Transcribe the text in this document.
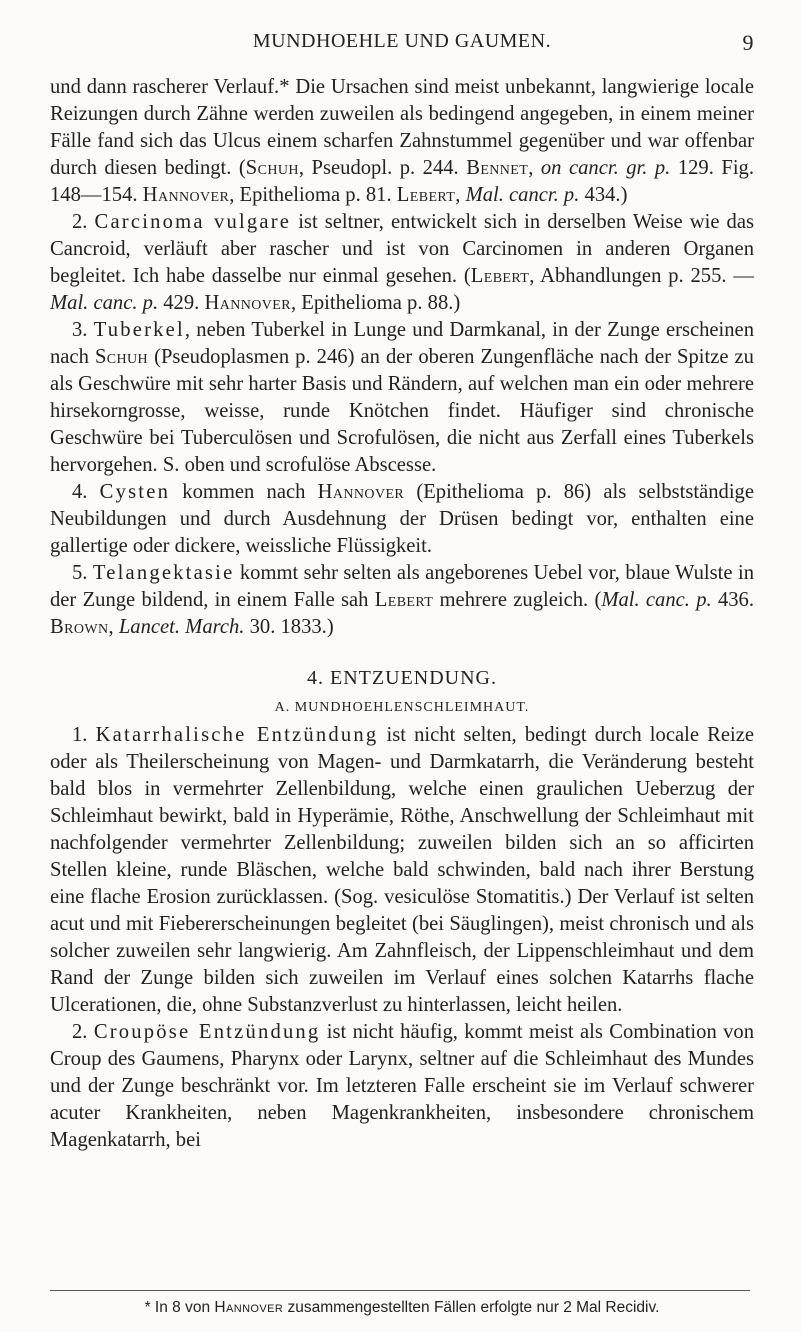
MUNDHOEHLE UND GAUMEN.	9

und dann rascherer Verlauf.* Die Ursachen sind meist unbekannt, langwierige locale Reizungen durch Zähne werden zuweilen als bedingend angegeben, in einem meiner Fälle fand sich das Ulcus einem scharfen Zahnstummel gegenüber und war offenbar durch diesen bedingt. (Schuh, Pseudopl. p. 244. Bennet, on cancr. gr. p. 129. Fig. 148—154. Hannover, Epithelioma p. 81. Lebert, Mal. cancr. p. 434.)

2. Carcinoma vulgare ist seltner, entwickelt sich in derselben Weise wie das Cancroid, verläuft aber rascher und ist von Carcinomen in anderen Organen begleitet. Ich habe dasselbe nur einmal gesehen. (Lebert, Abhandlungen p. 255. — Mal. canc. p. 429. Hannover, Epithelioma p. 88.)

3. Tuberkel, neben Tuberkel in Lunge und Darmkanal, in der Zunge erscheinen nach Schuh (Pseudoplasmen p. 246) an der oberen Zungenfläche nach der Spitze zu als Geschwüre mit sehr harter Basis und Rändern, auf welchen man ein oder mehrere hirsekorngrosse, weisse, runde Knötchen findet. Häufiger sind chronische Geschwüre bei Tuberculösen und Scrofulösen, die nicht aus Zerfall eines Tuberkels hervorgehen. S. oben und scrofulöse Abscesse.

4. Cysten kommen nach Hannover (Epithelioma p. 86) als selbstständige Neubildungen und durch Ausdehnung der Drüsen bedingt vor, enthalten eine gallertige oder dickere, weissliche Flüssigkeit.

5. Telangektasie kommt sehr selten als angeborenes Uebel vor, blaue Wulste in der Zunge bildend, in einem Falle sah Lebert mehrere zugleich. (Mal. canc. p. 436. Brown, Lancet. March. 30. 1833.)

4. ENTZUENDUNG.
A. MUNDHOEHLENSCHLEIMHAUT.

1. Katarrhalische Entzündung ist nicht selten, bedingt durch locale Reize oder als Theilerscheinung von Magen- und Darmkatarrh, die Veränderung besteht bald blos in vermehrter Zellenbildung, welche einen graulichen Ueberzug der Schleimhaut bewirkt, bald in Hyperämie, Röthe, Anschwellung der Schleimhaut mit nachfolgender vermehrter Zellenbildung; zuweilen bilden sich an so afficirten Stellen kleine, runde Bläschen, welche bald schwinden, bald nach ihrer Berstung eine flache Erosion zurücklassen. (Sog. vesiculöse Stomatitis.) Der Verlauf ist selten acut und mit Fiebererscheinungen begleitet (bei Säuglingen), meist chronisch und als solcher zuweilen sehr langwierig. Am Zahnfleisch, der Lippenschleimhaut und dem Rand der Zunge bilden sich zuweilen im Verlauf eines solchen Katarrhs flache Ulcerationen, die, ohne Substanzverlust zu hinterlassen, leicht heilen.

2. Croupöse Entzündung ist nicht häufig, kommt meist als Combination von Croup des Gaumens, Pharynx oder Larynx, seltner auf die Schleimhaut des Mundes und der Zunge beschränkt vor. Im letzteren Falle erscheint sie im Verlauf schwerer acuter Krankheiten, neben Magenkrankheiten, insbesondere chronischem Magenkatarrh, bei

* In 8 von Hannover zusammengestellten Fällen erfolgte nur 2 Mal Recidiv.
